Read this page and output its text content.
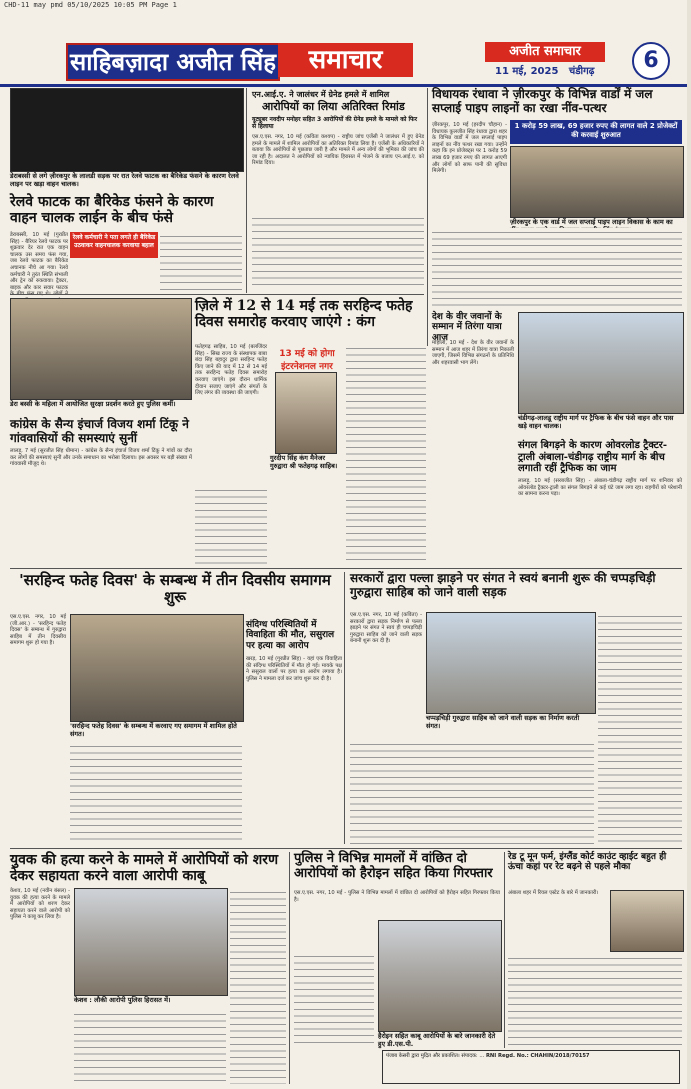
CHD-11 may pmd 05/10/2025 10:05 PM Page 1
साहिबज़ादा अजीत सिंह	समाचार	अजीत समाचार
11 मई, 2025 चंडीगढ़	6
डेराबस्सी से लगे ज़ीरकपुर के लालडी सड़क पर रात रेलवे फाटक का बैरिकेड फंसने के कारण रेलवे लाइन पर खड़ा वाहन चालक।
रेलवे फाटक का बैरिकेड फंसने के कारण वाहन चालक लाईन के बीच फंसे
रेलवे कर्मचारी ने पता लगते ही बैरिकेड उठवाकर वाहनचालक करवाया बहाल
डेराबस्सी, 10 मई (गुरप्रीत सिंह) - बैरियर रेलवे फाटक पर शुक्रवार देर रात एक वाहन चालक उस समय फंस गया, जब रेलवे फाटक का बैरिकेड अचानक नीचे आ गया। रेलवे कर्मचारी ने तुरंत स्थिति संभाली और ट्रेन को रुकवाया। ट्रैक्टर, बाइक और कार सवार फाटक
एन.आई.ए. ने जालंधर में ग्रेनेड हमले में शामिल
आरोपियों का लिया अतिरिक्त रिमांड
यूट्यूबर नवदीप मनोहर सहित 3 आरोपियों की ग्रेनेड हमले के मामले को फिर से हिलाया
एस.ए.एस. नगर, 10 मई (कविता कश्यप) - राष्ट्रीय जांच एजेंसी ने जालंधर में हुए ग्रेनेड हमले के मामले में शामिल आरोपियों का अतिरिक्त रिमांड लिया है। एजेंसी के अधिकारियों ने बताया कि आरोपियों से पूछताछ जारी है और मामले में अन्य लोगों की भूमिका की जांच की जा रही है। अदालत ने आरोपियों को न्यायिक हिरासत में भेजने के बजाय एन.आई.ए. को रिमांड दिया।
विधायक रंधावा ने ज़ीरकपुर के विभिन्न वार्डों में जल सप्लाई पाइप लाइनों का रखा नींव-पत्थर
1 करोड़ 59 लाख, 69 हजार रुपए की लागत वाले 2 प्रोजेक्टों की करवाई शुरुआत
ज़ीरकपुर, 10 मई (हरदीप चौहान) - विधायक कुलजीत सिंह रंधावा द्वारा शहर के विभिन्न वार्डों में जल सप्लाई पाइप लाइनों का नींव पत्थर रखा गया। उन्होंने कहा कि इन प्रोजेक्ट्स पर 1 करोड़ 59 लाख 69 हजार रुपए की लागत आएगी और लोगों को साफ पानी की सुविधा मिलेगी।
ज़ीरकपुर के एक वार्ड में जल सप्लाई पाइप लाइन विकास के काम का
ज़िले में 12 से 14 मई तक सरहिन्द फतेह दिवस समारोह करवाए जाएंगे : कंग
13 मई को होगा इंटरनेशनल नगर
गुरदीप सिंह कंग मैनेजर गुरुद्वारा श्री फतेहगढ़ साहिब।
फतेहगढ़ साहिब, 10 मई (बलजिंदर सिंह) - सिख राज्य के संस्थापक बाबा बंदा सिंह बहादुर द्वारा सरहिन्द फतेह किए जाने की याद में 12 से 14 मई तक सरहिन्द फतेह दिवस समारोह करवाए जाएंगे। इस दौरान धार्मिक दीवान सजाए जाएंगे और संगतों के लिए लंगर की व्यवस्था की जाएगी।
डेरा बस्सी के महिला में आयोजित सुरक्षा प्रदर्शन करते हुए पुलिस कर्मी।
कांग्रेस के सैन्य इंचार्ज विजय शर्मा टिंकू ने गांववासियों की समस्याएं सुनीं
लालड़ू, 7 मई (सुरजीत सिंह धीमान) - कांग्रेस के सैन्य इंचार्ज विजय शर्मा टिंकू ने गांवों का दौरा कर लोगों की समस्याएं सुनीं और उनके समाधान का भरोसा दिलाया। इस अवसर पर बड़ी संख्या में गांववासी मौजूद थे।
देश के वीर जवानों के सम्मान में तिरंगा यात्रा आज
मोहाली, 10 मई - देश के वीर जवानों के सम्मान में आज शहर में तिरंगा यात्रा निकाली जाएगी, जिसमें विभिन्न संगठनों के प्रतिनिधि और शहरवासी भाग लेंगे।
चंडीगढ़-लालडू राष्ट्रीय मार्ग पर ट्रैफिक के बीच फंसे वाहन और पास खड़े वाहन चालक।
संगल बिगड़ने के कारण ओवरलोड ट्रैक्टर-ट्राली अंबाला-चंडीगढ़ राष्ट्रीय मार्ग के बीच लगाती रहीं ट्रैफिक का जाम
लालड़ू, 10 मई (सरबजीत सिंह) - अंबाला-चंडीगढ़ राष्ट्रीय मार्ग पर शनिवार को ओवरलोड ट्रैक्टर-ट्राली का संगल बिगड़ने से कई घंटे जाम लगा रहा। राहगीरों को परेशानी का सामना करना पड़ा।
'सरहिन्द फतेह दिवस' के सम्बन्ध में तीन दिवसीय समागम शुरू
एस.ए.एस. नगर, 10 मई (जी.आर.) - 'सरहिन्द फतेह दिवस' के सम्बन्ध में गुरुद्वारा साहिब में तीन दिवसीय समागम शुरू हो गया है।
'सरहिन्द फतेह दिवस' के सम्बन्ध में करवाए गए समागम में शामिल होते संगत।
संदिग्ध परिस्थितियों में विवाहिता की मौत, ससुराल पर हत्या का आरोप
खरड़, 10 मई (गुरप्रीत सिंह) - यहां एक विवाहिता की संदिग्ध परिस्थितियों में मौत हो गई। मायके पक्ष ने ससुराल वालों पर हत्या का आरोप लगाया है। पुलिस ने मामला दर्ज कर जांच शुरू कर दी है।
सरकारों द्वारा पल्ला झाड़ने पर संगत ने स्वयं बनानी शुरू की चप्पड़चिड़ी गुरुद्वारा साहिब को जाने वाली सड़क
एस.ए.एस. नगर, 10 मई (कविता) - सरकारों द्वारा सड़क निर्माण से पल्ला झाड़ने पर संगत ने स्वयं ही चप्पड़चिड़ी गुरुद्वारा साहिब को जाने वाली सड़क बनानी शुरू कर दी है।
चप्पड़चिड़ी गुरुद्वारा साहिब को जाने वाली सड़क का निर्माण करती संगत।
युवक की हत्या करने के मामले में आरोपियों को शरण देकर सहायता करने वाला आरोपी काबू
केशव, 10 मई (नवीन बंसल) - युवक की हत्या करने के मामले में आरोपियों को शरण देकर सहायता करने वाले आरोपी को पुलिस ने काबू कर लिया है।
केशव : लौकी आरोपी पुलिस हिरासत में।
पुलिस ने विभिन्न मामलों में वांछित दो आरोपियों को हैरोइन सहित किया गिरफ्तार
एस.ए.एस. नगर, 10 मई - पुलिस ने विभिन्न मामलों में वांछित दो आरोपियों को हैरोइन सहित गिरफ्तार किया है।
हैरोइन सहित काबू आरोपियों के बारे जानकारी देते हुए डी.एस.पी.
रेड टू मून फर्म, इंग्लैंड कोर्ट काउंट व्हाईट बहुत ही ऊंचा कहां पर रेट बढ़ने से पहले मौका
अंबाला शहर में रियल एस्टेट के बारे में जानकारी।
पंजाब केसरी द्वारा मुद्रित और प्रकाशित। संपादक: ... RNI Regd. No.: CHAHIN/2018/70157
